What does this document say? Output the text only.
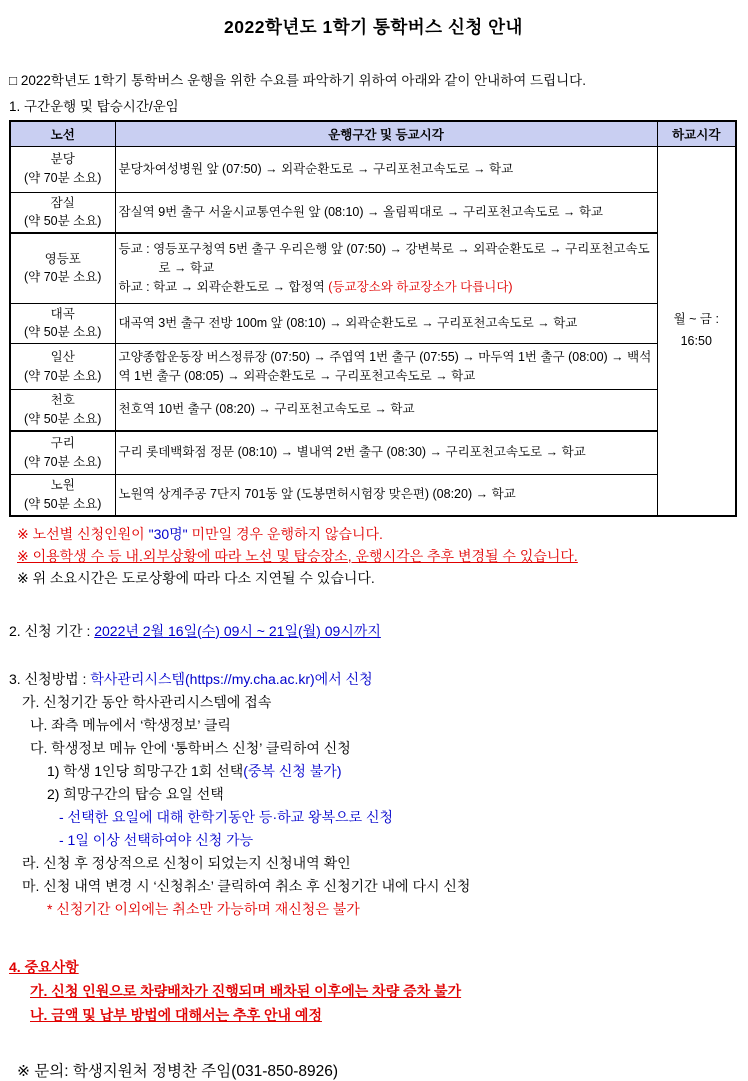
2022학년도 1학기 통학버스 신청 안내
□ 2022학년도 1학기 통학버스 운행을 위한 수요를 파악하기 위하여 아래와 같이 안내하여 드립니다.
1. 구간운행 및 탑승시간/운임
노선	운행구간 및 등교시각	하교시각

분당
(약 70분 소요)
	분당차여성병원 앞 (07:50) → 외곽순환도로 → 구리포천고속도로 → 학교	
월 ~ 금 :
16:50

잠실
(약 50분 소요)	잠실역 9번 출구 서울시교통연수원 앞 (08:10) → 올림픽대로 → 구리포천고속도로 → 학교	

영등포
(약 70분 소요)

등교 : 영등포구청역 5번 출구 우리은행 앞 (07:50) → 강변북로 → 외곽순환도로 → 구리포천고속도
로 → 학교
하교 : 학교 → 외곽순환도로 → 합정역 (등교장소와 하교장소가 다릅니다)

대곡
(약 50분 소요)	대곡역 3번 출구 전방 100m 앞 (08:10) → 외곽순환도로 → 구리포천고속도로 → 학교	

일산
(약 70분 소요)	고양종합운동장 버스정류장 (07:50) → 주엽역 1번 출구 (07:55) → 마두역 1번 출구 (08:00) → 백석역 1번 출구 (08:05) → 외곽순환도로 → 구리포천고속도로 → 학교	

천호
(약 50분 소요)	천호역 10번 출구 (08:20) → 구리포천고속도로 → 학교	

구리
(약 70분 소요)	구리 롯데백화점 정문 (08:10) → 별내역 2번 출구 (08:30) → 구리포천고속도로 → 학교	

노원
(약 50분 소요)	노원역 상계주공 7단지 701동 앞 (도봉면허시험장 맞은편) (08:20) → 학교	
※ 노선별 신청인원이 "30명" 미만일 경우 운행하지 않습니다.
※ 이용학생 수 등 내.외부상황에 따라 노선 및 탑승장소, 운행시각은 추후 변경될 수 있습니다.
※ 위 소요시간은 도로상황에 따라 다소 지연될 수 있습니다.
2. 신청 기간 : 2022년 2월 16일(수) 09시 ~ 21일(월) 09시까지
3. 신청방법 : 학사관리시스템(https://my.cha.ac.kr)에서 신청
가. 신청기간 동안 학사관리시스템에 접속
나. 좌측 메뉴에서 ‘학생정보’ 클릭
다. 학생정보 메뉴 안에 ‘통학버스 신청’ 클릭하여 신청
1) 학생 1인당 희망구간 1회 선택(중복 신청 불가)
2) 희망구간의 탑승 요일 선택
- 선택한 요일에 대해 한학기동안 등·하교 왕복으로 신청
- 1일 이상 선택하여야 신청 가능
라. 신청 후 정상적으로 신청이 되었는지 신청내역 확인
마. 신청 내역 변경 시 ‘신청취소’ 클릭하여 취소 후 신청기간 내에 다시 신청
* 신청기간 이외에는 취소만 가능하며 재신청은 불가
4. 중요사항
가. 신청 인원으로 차량배차가 진행되며 배차된 이후에는 차량 증차 불가
나. 금액 및 납부 방법에 대해서는 추후 안내 예정
※ 문의: 학생지원처 정병찬 주임(031-850-8926)
